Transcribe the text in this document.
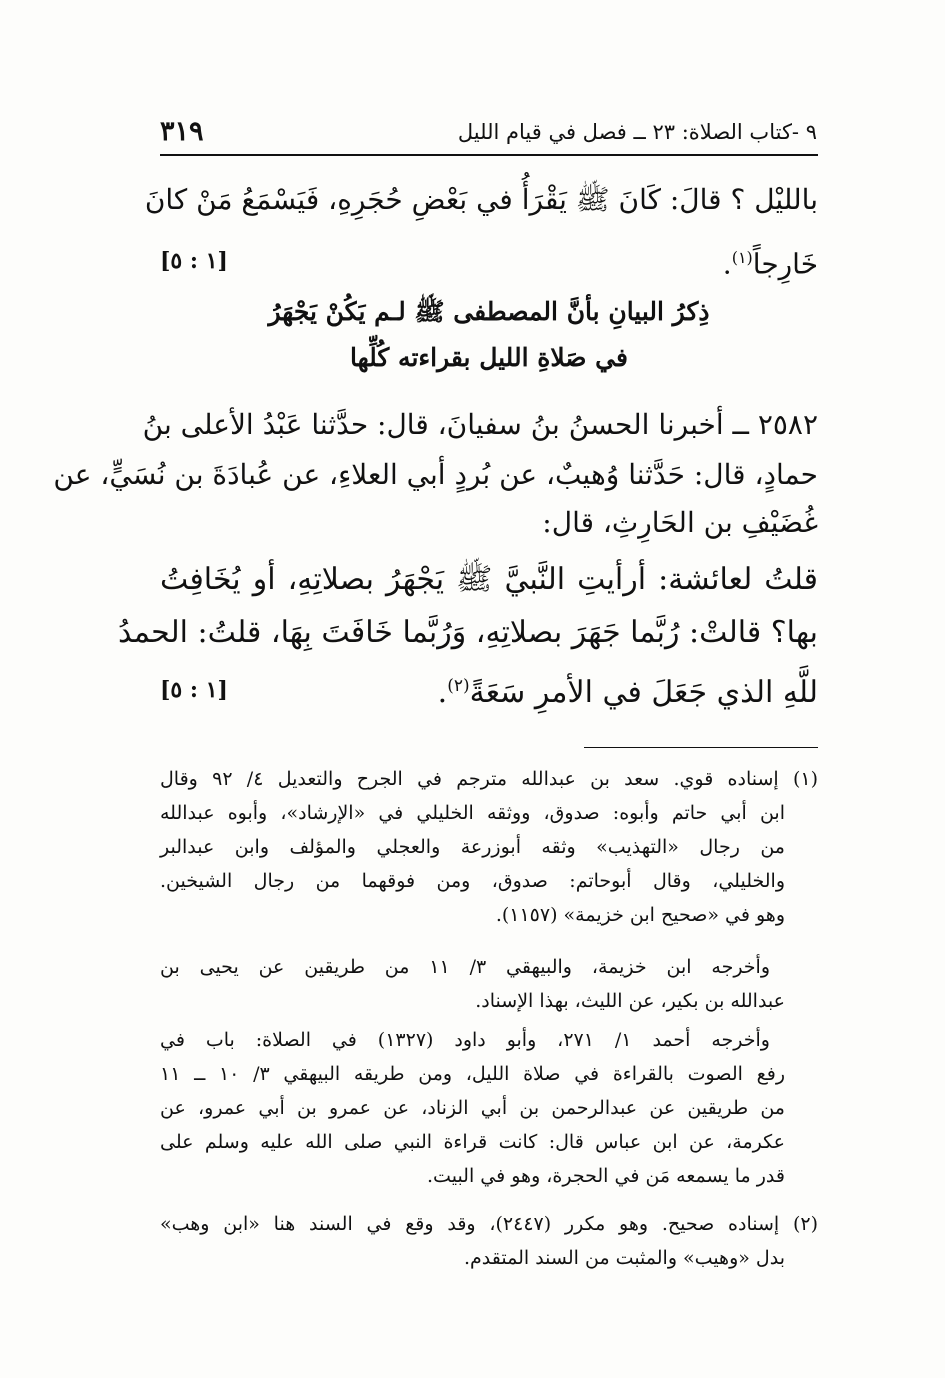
٣١٩	٩ -كتاب الصلاة: ٢٣ ــ فصل في قيام الليل
بالليْل ؟ قالَ: كَانَ ﷺ يَقْرَأُ في بَعْضِ حُجَرِهِ، فَيَسْمَعُ مَنْ كانَ
خَارِجاً$^{(١)}$.
[١ : ٥]
ذِكرُ البيانِ بأنَّ المصطفى ﷺ لـم يَكُنْ يَجْهَرُ
في صَلاةِ الليل بقراءته كُلِّها
٢٥٨٢ ــ أخبرنا الحسنُ بنُ سفيانَ، قال: حدَّثنا عَبْدُ الأعلى بنُ
حمادٍ، قال: حَدَّثنا وُهيبٌ، عن بُردٍ أبي العلاءِ، عن عُبادَةَ بن نُسَيٍّ، عن
غُضَيْفِ بن الحَارِثِ، قال:
قلتُ لعائشة: أرأيتِ النَّبيَّ ﷺ يَجْهَرُ بصلاتِهِ، أو يُخَافِتُ
بها؟ قالتْ: رُبَّما جَهَرَ بصلاتِهِ، وَرُبَّما خَافَتَ بِهَا، قلتُ: الحمدُ
للَّهِ الذي جَعَلَ في الأمرِ سَعَةً$^{(٢)}$.
[١ : ٥]
(١) إسناده قوي. سعد بن عبدالله مترجم في الجرح والتعديل ٤/ ٩٢ وقال
ابن أبي حاتم وأبوه: صدوق، ووثقه الخليلي في «الإرشاد»، وأبوه عبدالله
من رجال «التهذيب» وثقه أبوزرعة والعجلي والمؤلف وابن عبدالبر
والخليلي، وقال أبوحاتم: صدوق، ومن فوقهما من رجال الشيخين.
وهو في «صحيح ابن خزيمة» (١١٥٧).
وأخرجه ابن خزيمة، والبيهقي ٣/ ١١ من طريقين عن يحيى بن
عبدالله بن بكير، عن الليث، بهذا الإسناد.
وأخرجه أحمد ١/ ٢٧١، وأبو داود (١٣٢٧) في الصلاة: باب في
رفع الصوت بالقراءة في صلاة الليل، ومن طريقه البيهقي ٣/ ١٠ ــ ١١
من طريقين عن عبدالرحمن بن أبي الزناد، عن عمرو بن أبي عمرو، عن
عكرمة، عن ابن عباس قال: كانت قراءة النبي صلى الله عليه وسلم على
قدر ما يسمعه مَن في الحجرة، وهو في البيت.
(٢) إسناده صحيح. وهو مكرر (٢٤٤٧)، وقد وقع في السند هنا «ابن وهب»
بدل «وهيب» والمثبت من السند المتقدم.
